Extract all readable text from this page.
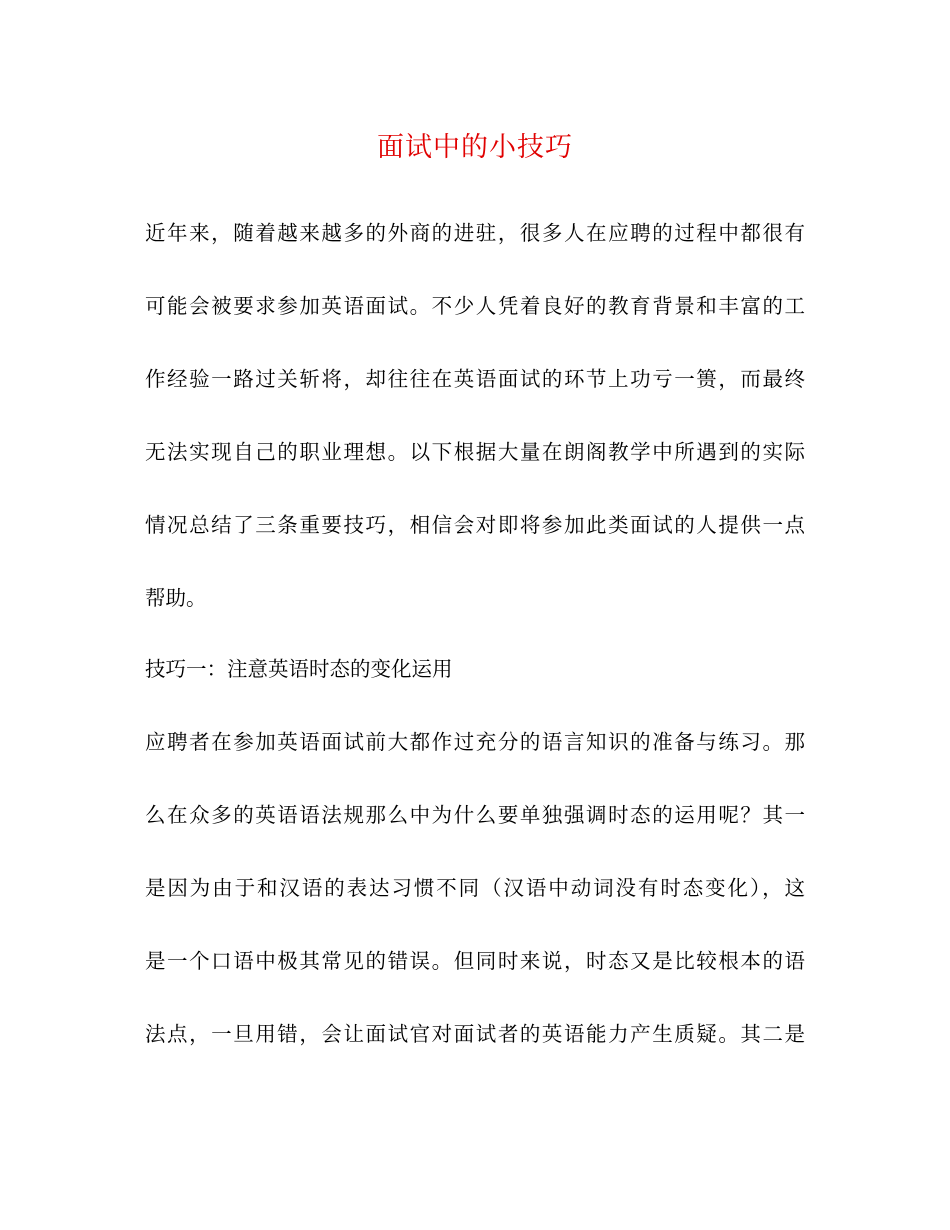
面试中的小技巧
近年来，随着越来越多的外商的进驻，很多人在应聘的过程中都很有
可能会被要求参加英语面试。不少人凭着良好的教育背景和丰富的工
作经验一路过关斩将，却往往在英语面试的环节上功亏一篑，而最终
无法实现自己的职业理想。以下根据大量在朗阁教学中所遇到的实际
情况总结了三条重要技巧，相信会对即将参加此类面试的人提供一点
帮助。
技巧一：注意英语时态的变化运用
应聘者在参加英语面试前大都作过充分的语言知识的准备与练习。那
么在众多的英语语法规那么中为什么要单独强调时态的运用呢？其一
是因为由于和汉语的表达习惯不同（汉语中动词没有时态变化），这
是一个口语中极其常见的错误。但同时来说，时态又是比较根本的语
法点，一旦用错，会让面试官对面试者的英语能力产生质疑。其二是
